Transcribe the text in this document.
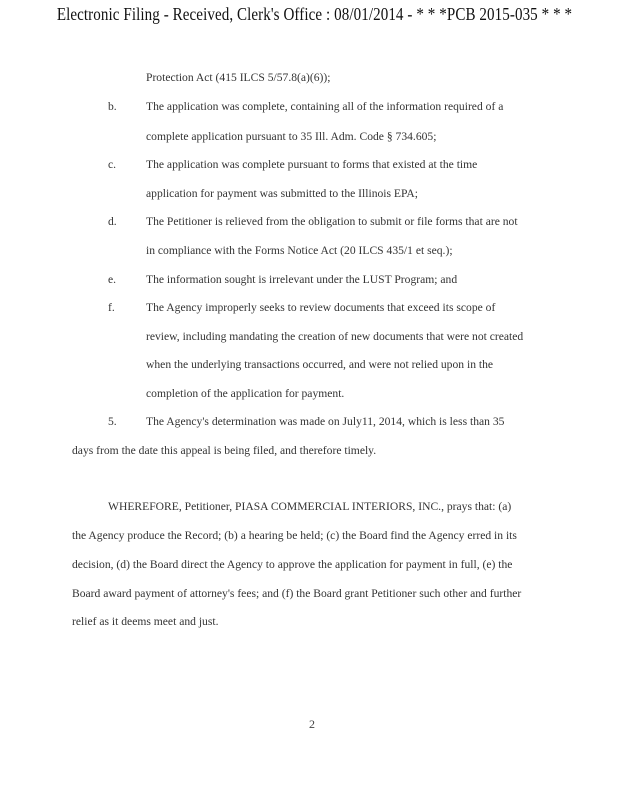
Electronic Filing - Received, Clerk's Office : 08/01/2014 - * * *PCB 2015-035 * * *
Protection Act (415 ILCS 5/57.8(a)(6));
b.	The application was complete, containing all of the information required of a
complete application pursuant to 35 Ill. Adm. Code § 734.605;
c.	The application was complete pursuant to forms that existed at the time
application for payment was submitted to the Illinois EPA;
d.	The Petitioner is relieved from the obligation to submit or file forms that are not
in compliance with the Forms Notice Act (20 ILCS 435/1 et seq.);
e.	The information sought is irrelevant under the LUST Program; and
f.	The Agency improperly seeks to review documents that exceed its scope of
review, including mandating the creation of new documents that were not created
when the underlying transactions occurred, and were not relied upon in the
completion of the application for payment.
5.	The Agency's determination was made on July11, 2014, which is less than 35
days from the date this appeal is being filed, and therefore timely.
WHEREFORE, Petitioner, PIASA COMMERCIAL INTERIORS, INC., prays that: (a)
the Agency produce the Record; (b) a hearing be held; (c) the Board find the Agency erred in its
decision, (d) the Board direct the Agency to approve the application for payment in full, (e) the
Board award payment of attorney's fees; and (f) the Board grant Petitioner such other and further
relief as it deems meet and just.
2
